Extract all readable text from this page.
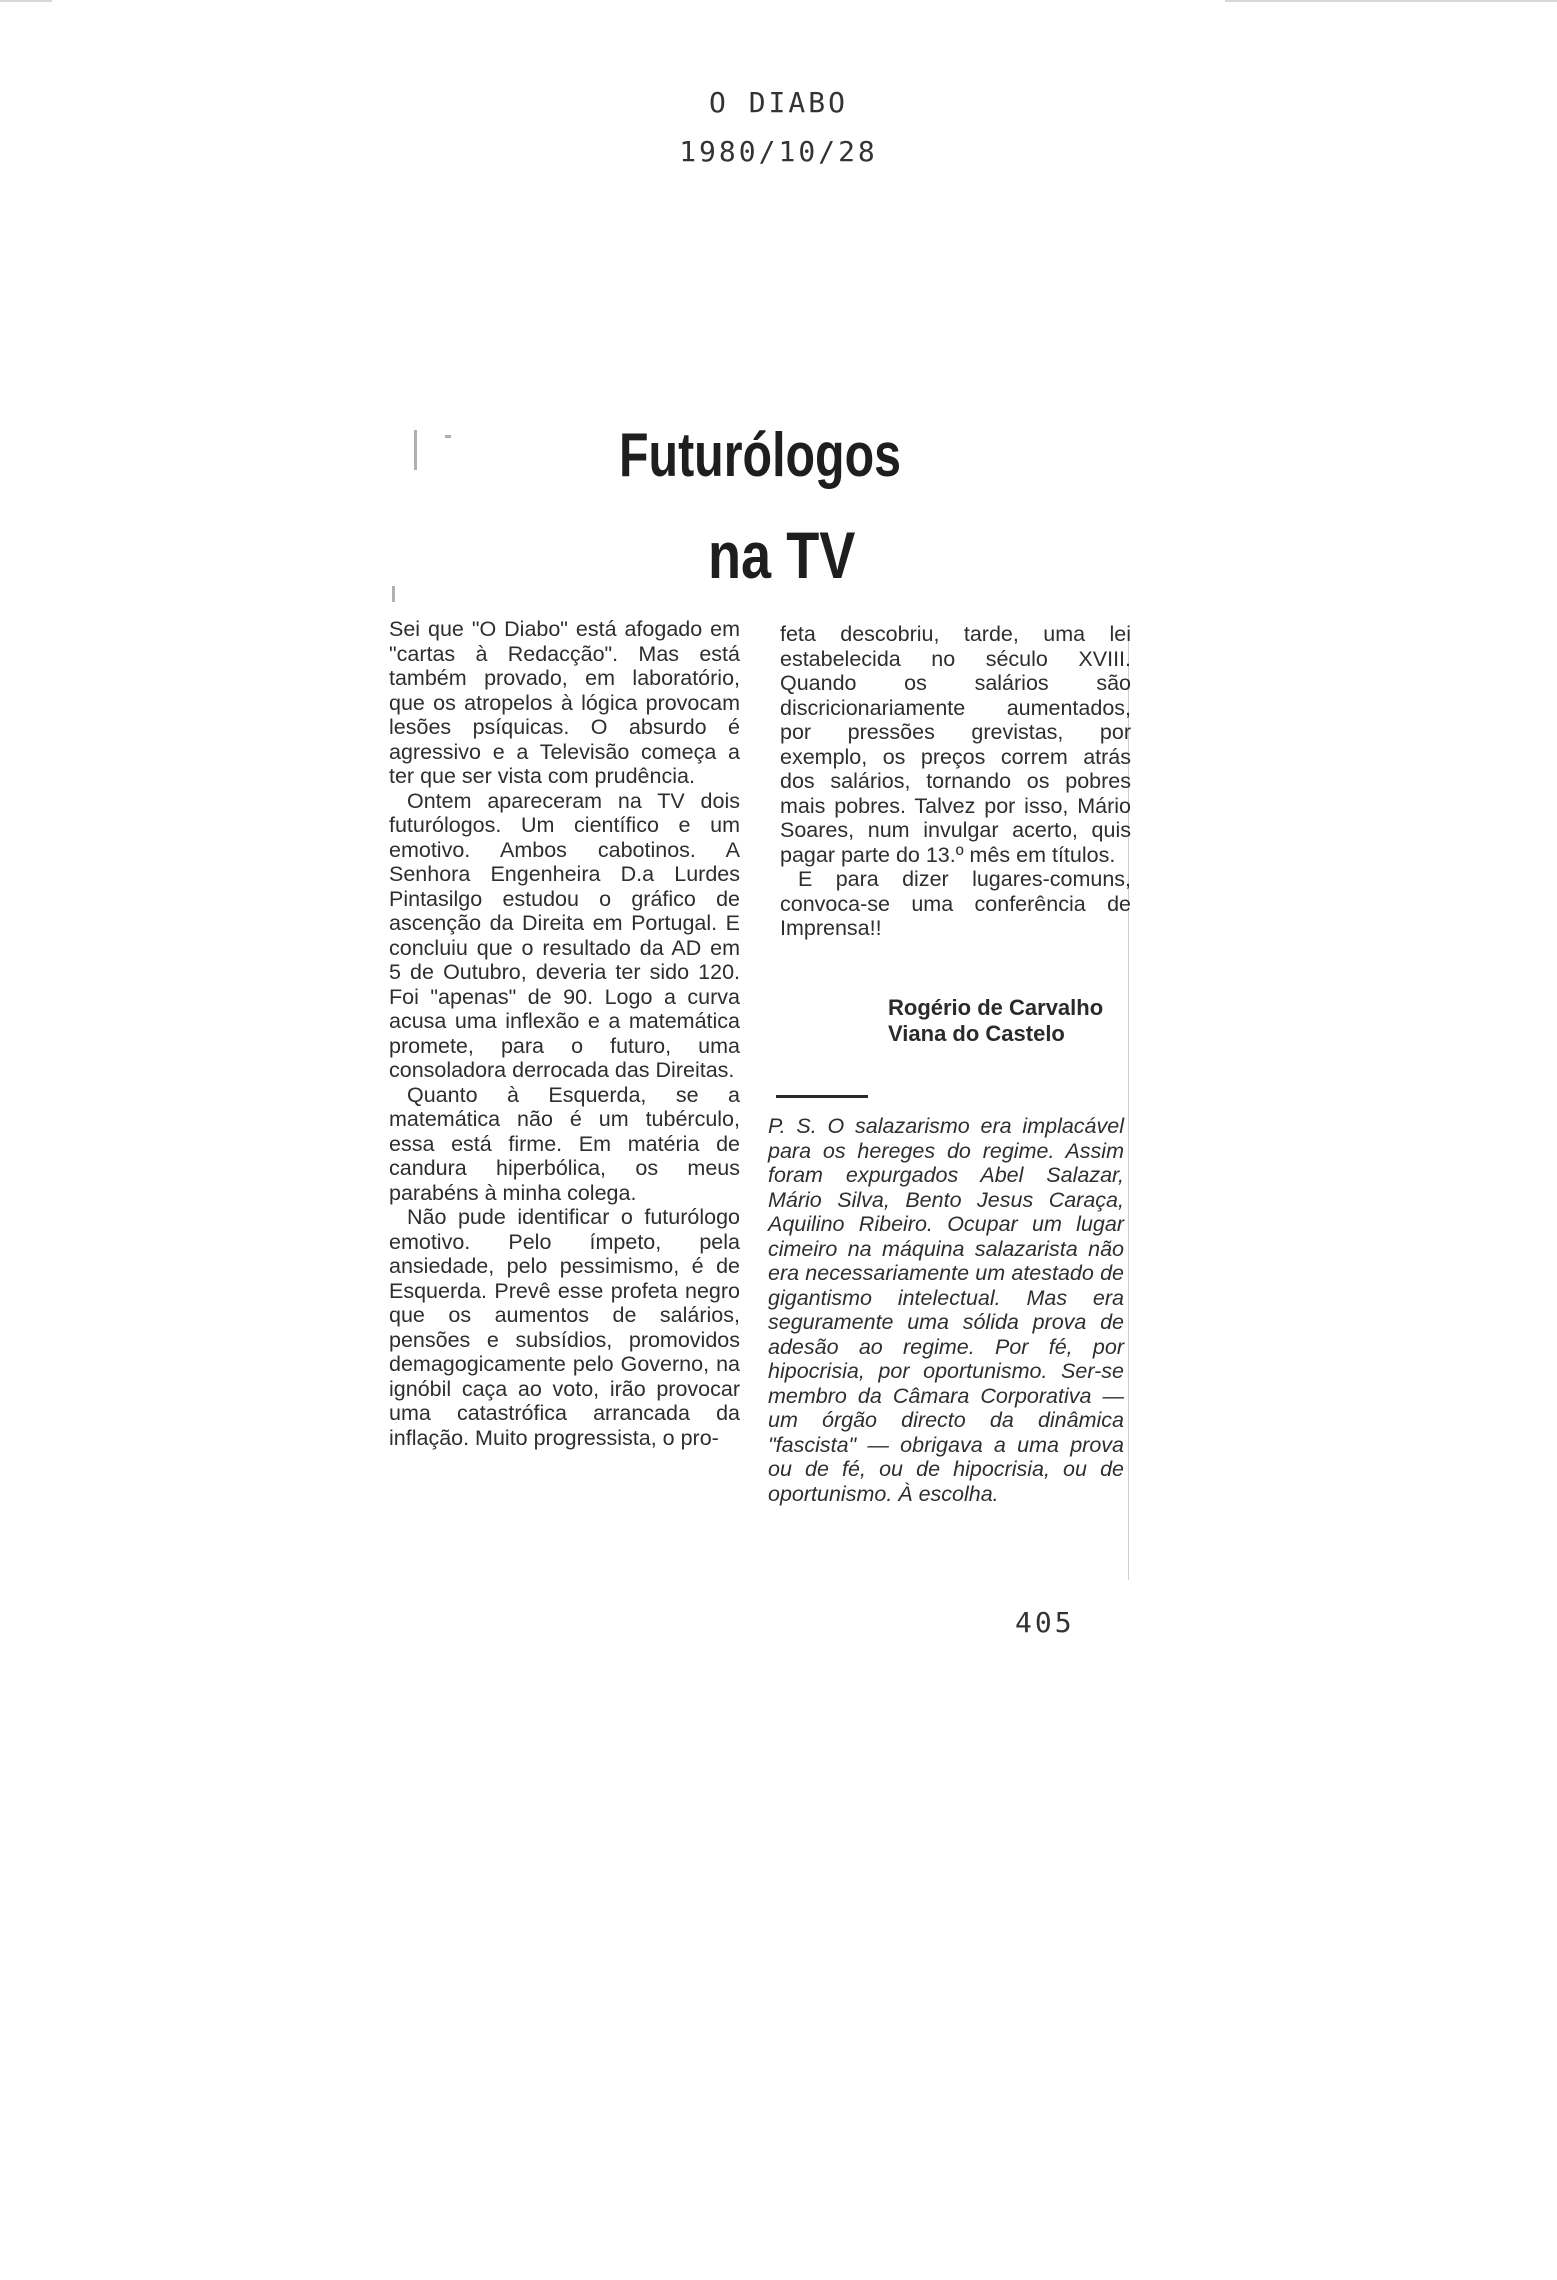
O DIABO
1980/10/28
Futurólogos
na TV

Sei que "O Diabo" está afogado em "cartas à Redacção". Mas está também provado, em laboratório, que os atropelos à lógica provocam lesões psíquicas. O absurdo é agressivo e a Televisão começa a ter que ser vista com prudência.

Ontem apareceram na TV dois futurólogos. Um científico e um emotivo. Ambos cabotinos. A Senhora Engenheira D.a Lurdes Pintasilgo estudou o gráfico de ascenção da Direita em Portugal. E concluiu que o resultado da AD em 5 de Outubro, deveria ter sido 120. Foi "apenas" de 90. Logo a curva acusa uma inflexão e a matemática promete, para o futuro, uma consoladora derrocada das Direitas.

Quanto à Esquerda, se a matemática não é um tubérculo, essa está firme. Em matéria de candura hiperbólica, os meus parabéns à minha colega.

Não pude identificar o futurólogo emotivo. Pelo ímpeto, pela ansiedade, pelo pessimismo, é de Esquerda. Prevê esse profeta negro que os aumentos de salários, pensões e subsídios, promovidos demagogicamente pelo Governo, na ignóbil caça ao voto, irão provocar uma catastrófica arrancada da inflação. Muito progressista, o pro-

feta descobriu, tarde, uma lei estabelecida no século XVIII. Quando os salários são discricionariamente aumentados, por pressões grevistas, por exemplo, os preços correm atrás dos salários, tornando os pobres mais pobres. Talvez por isso, Mário Soares, num invulgar acerto, quis pagar parte do 13.º mês em títulos.

E para dizer lugares-comuns, convoca-se uma conferência de Imprensa!!

Rogério de Carvalho
Viana do Castelo

P. S. O salazarismo era implacável para os hereges do regime. Assim foram expurgados Abel Salazar, Mário Silva, Bento Jesus Caraça, Aquilino Ribeiro. Ocupar um lugar cimeiro na máquina salazarista não era necessariamente um atestado de gigantismo intelectual. Mas era seguramente uma sólida prova de adesão ao regime. Por fé, por hipocrisia, por oportunismo. Ser-se membro da Câmara Corporativa — um órgão directo da dinâmica "fascista" — obrigava a uma prova ou de fé, ou de hipocrisia, ou de oportunismo. À escolha.

405
